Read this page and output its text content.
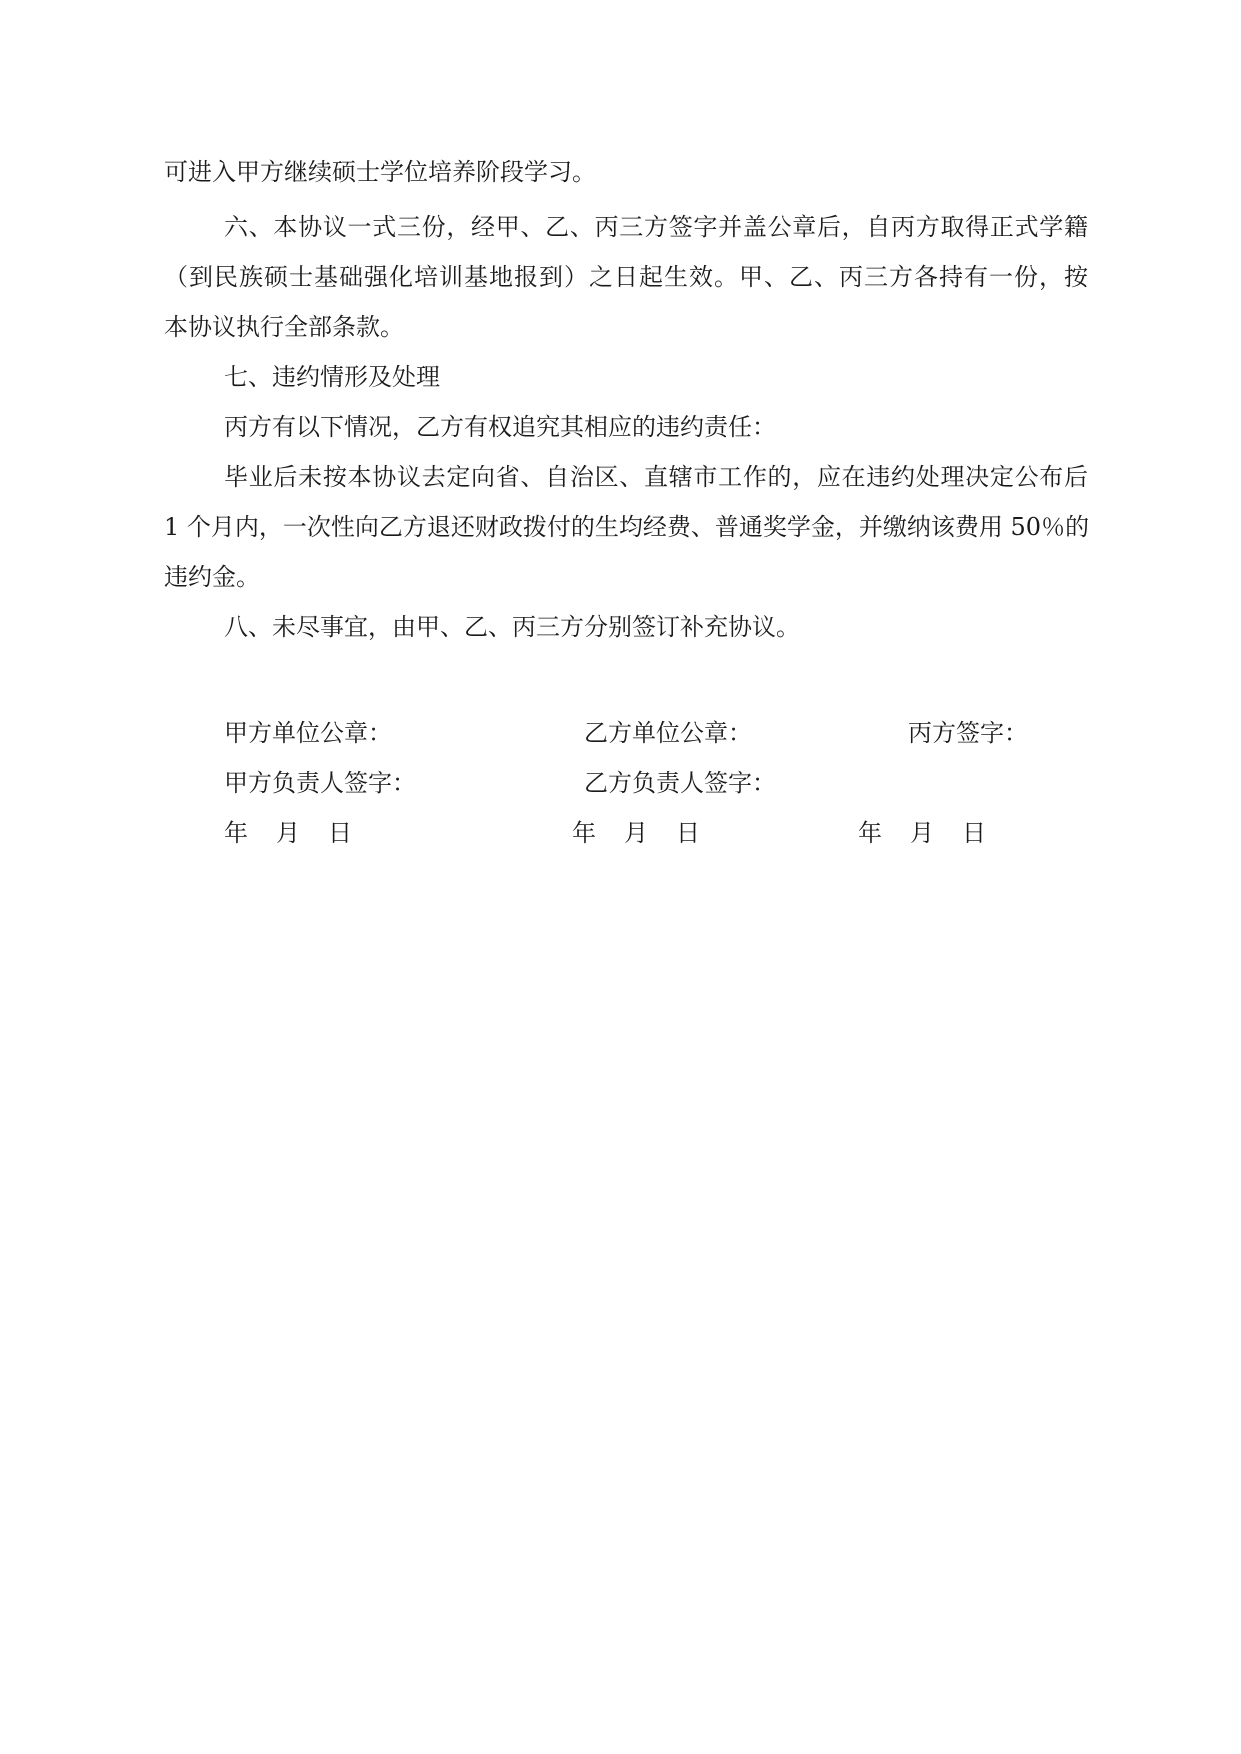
可进入甲方继续硕士学位培养阶段学习。
六、本协议一式三份，经甲、乙、丙三方签字并盖公章后，自丙方取得正式学籍
（到民族硕士基础强化培训基地报到）之日起生效。甲、乙、丙三方各持有一份，按
本协议执行全部条款。
七、违约情形及处理
丙方有以下情况，乙方有权追究其相应的违约责任：
毕业后未按本协议去定向省、自治区、直辖市工作的，应在违约处理决定公布后
1 个月内，一次性向乙方退还财政拨付的生均经费、普通奖学金，并缴纳该费用 50％的
违约金。
八、未尽事宜，由甲、乙、丙三方分别签订补充协议。
甲方单位公章：	乙方单位公章：	丙方签字：
甲方负责人签字：	乙方负责人签字：
年 月 日	年 月 日	年 月 日
